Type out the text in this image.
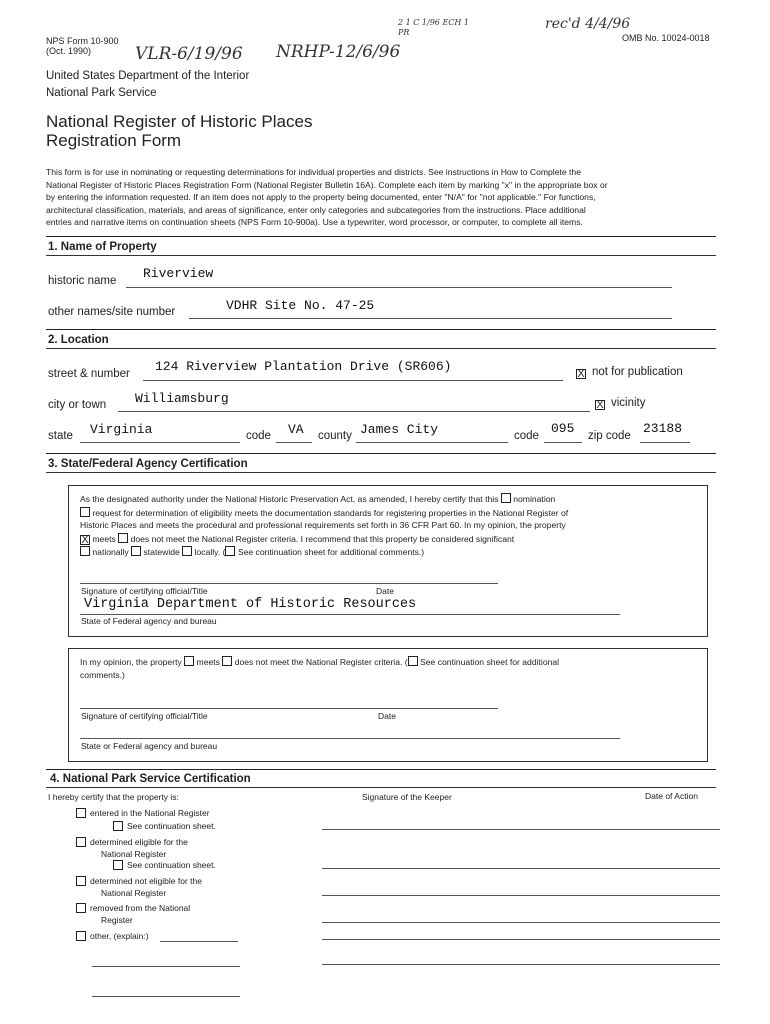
NPS Form 10-900
(Oct. 1990)	VLR-6/19/96 NRHP-12/6/96
2 1 C 1/96 ECH 1 PR
rec'd 4/4/96
OMB No. 10024-0018
United States Department of the Interior
National Park Service
National Register of Historic Places
Registration Form
This form is for use in nominating or requesting determinations for individual properties and districts. See instructions in How to Complete the
National Register of Historic Places Registration Form (National Register Bulletin 16A). Complete each item by marking "x" in the appropriate box or
by entering the information requested. If an item does not apply to the property being documented, enter "N/A" for "not applicable." For functions,
architectural classification, materials, and areas of significance, enter only categories and subcategories from the instructions. Place additional
entries and narrative items on continuation sheets (NPS Form 10-900a). Use a typewriter, word processor, or computer, to complete all items.
1. Name of Property
historic name Riverview
other names/site number	VDHR Site No. 47-25
2. Location
street & number 124 Riverview Plantation Drive (SR606)	X not for publication
city or town Williamsburg	X vicinity
state Virginia	code VA county James City	code 095 zip code 23188
3. State/Federal Agency Certification
As the designated authority under the National Historic Preservation Act, as amended, I hereby certify that this nomination
request for determination of eligibility meets the documentation standards for registering properties in the National Register of
Historic Places and meets the procedural and professional requirements set forth in 36 CFR Part 60. In my opinion, the property
X meets does not meet the National Register criteria. I recommend that this property be considered significant
nationally statewide locally. ( See continuation sheet for additional comments.)
Signature of certifying official/Title	Date
Virginia Department of Historic Resources
State of Federal agency and bureau
In my opinion, the property meets does not meet the National Register criteria. ( See continuation sheet for additional
comments.)
Signature of certifying official/Title	Date
State or Federal agency and bureau
4. National Park Service Certification
I hereby certify that the property is:	Signature of the Keeper	Date of Action
entered in the National Register
See continuation sheet.
determined eligible for the
National Register
See continuation sheet.
determined not eligible for the
National Register
removed from the National
Register
other, (explain:)
